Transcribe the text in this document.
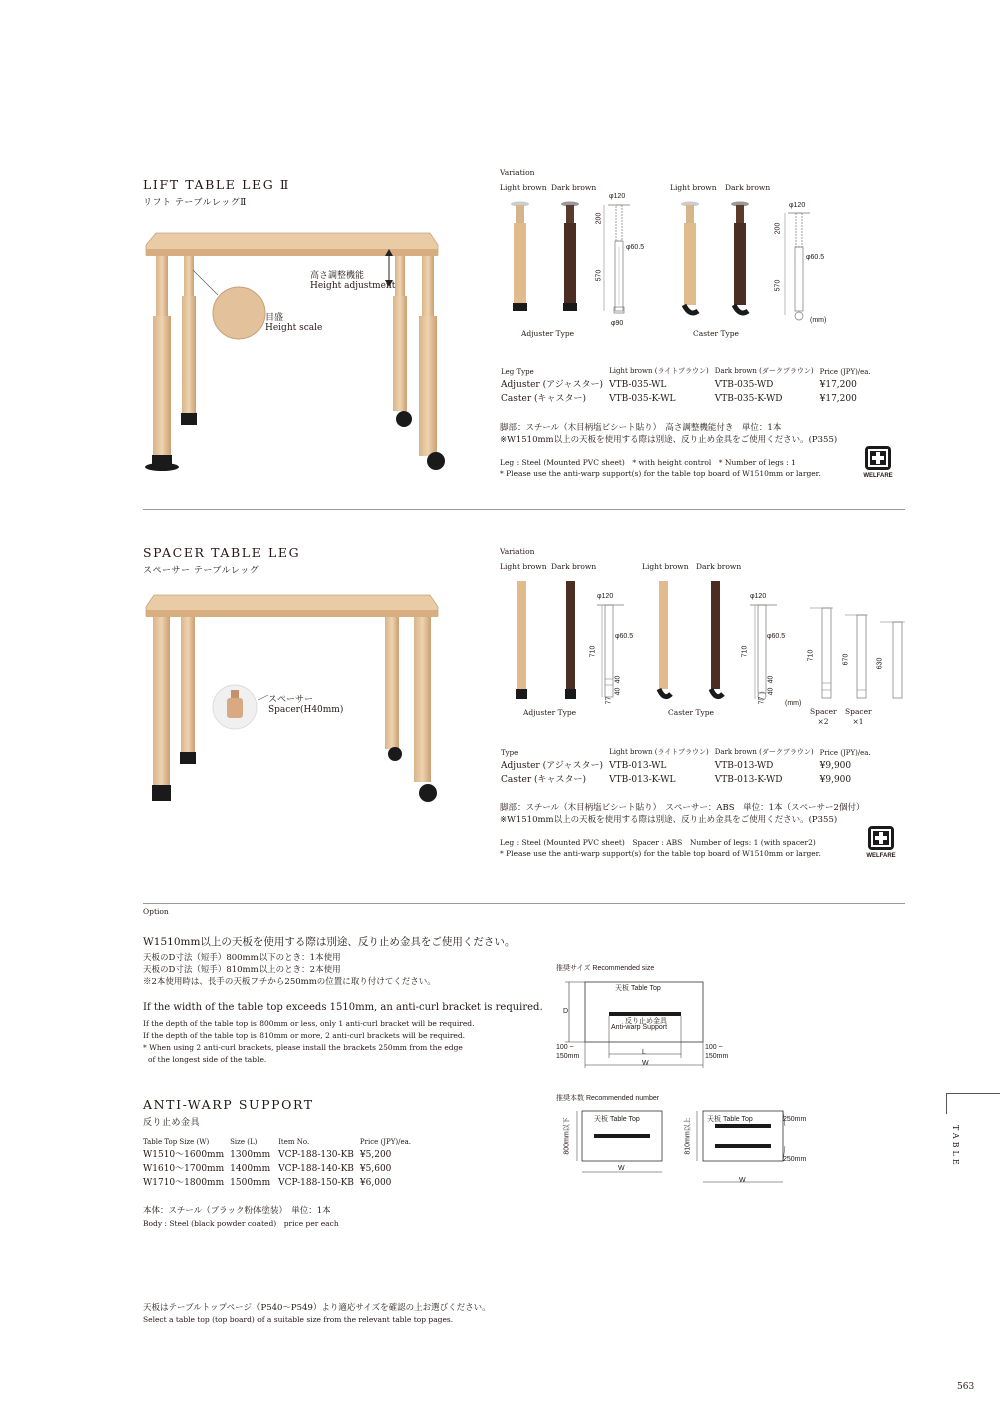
LIFT TABLE LEG Ⅱ
リフト テーブルレッグⅡ
高さ調整機能
Height adjustment
目盛
Height scale
Variation
Light brown Dark brown	Light brown Dark brown
φ120
200
φ60.5
570
φ90
φ120
200
φ60.5
570
(mm)
Adjuster Type	Caster Type
Leg Type	Light brown (ライトブラウン)	Dark brown (ダークブラウン)	Price (JPY)/ea.
Adjuster (アジャスター)	VTB-035-WL	VTB-035-WD	¥17,200
Caster (キャスター)	VTB-035-K-WL	VTB-035-K-WD	¥17,200
脚部：スチール（木目柄塩ビシート貼り）　高さ調整機能付き　単位：1本
※W1510mm以上の天板を使用する際は別途、反り止め金具をご使用ください。(P355)
Leg : Steel (Mounted PVC sheet)　* with height control　* Number of legs : 1
* Please use the anti-warp support(s) for the table top board of W1510mm or larger.	WELFARE
SPACER TABLE LEG
スペーサー テーブルレッグ
スペーサー
Spacer(H40mm)
Variation
Light brown Dark brown	Light brown Dark brown
φ120
φ60.5
710
40
40
77
φ120
φ60.5
710
40
40
77	(mm)
710	670	630
Spacer
×2
Spacer
×1
Adjuster Type	Caster Type
Type	Light brown (ライトブラウン)	Dark brown (ダークブラウン)	Price (JPY)/ea.
Adjuster (アジャスター)	VTB-013-WL	VTB-013-WD	¥9,900
Caster (キャスター)	VTB-013-K-WL	VTB-013-K-WD	¥9,900
脚部：スチール（木目柄塩ビシート貼り）　スペーサー：ABS　単位：1本（スペーサー2個付）
※W1510mm以上の天板を使用する際は別途、反り止め金具をご使用ください。(P355)
Leg : Steel (Mounted PVC sheet)　Spacer : ABS　Number of legs: 1 (with spacer2)
* Please use the anti-warp support(s) for the table top board of W1510mm or larger.	WELFARE
Option
W1510mm以上の天板を使用する際は別途、反り止め金具をご使用ください。
天板のD寸法（短手）800mm以下のとき：1本使用
天板のD寸法（短手）810mm以上のとき：2本使用
※2本使用時は、長手の天板フチから250mmの位置に取り付けてください。
If the width of the table top exceeds 1510mm, an anti-curl bracket is required.
If the depth of the table top is 800mm or less, only 1 anti-curl bracket will be required.
If the depth of the table top is 810mm or more, 2 anti-curl brackets will be required.
* When using 2 anti-curl brackets, please install the brackets 250mm from the edge
of the longest side of the table.
推奨サイズ Recommended size
天板 Table Top
反り止め金具
Anti-warp Support
D
L
W
100 ~
150mm
100 ~
150mm
推奨本数 Recommended number
天板 Table Top	天板 Table Top
800mm以下	810mm以上	250mm
250mm
W
W
ANTI-WARP SUPPORT
反り止め金具
Table Top Size (W)	Size (L)	Item No.	Price (JPY)/ea.
W1510〜1600mm	1300mm	VCP-188-130-KB	¥5,200
W1610〜1700mm	1400mm	VCP-188-140-KB	¥5,600
W1710〜1800mm	1500mm	VCP-188-150-KB	¥6,000
本体：スチール（ブラック粉体塗装）　単位：1本
Body : Steel (black powder coated)　price per each
天板はテーブルトップページ（P540〜P549）より適応サイズを確認の上お選びください。
Select a table top (top board) of a suitable size from the relevant table top pages.
TABLE
563
